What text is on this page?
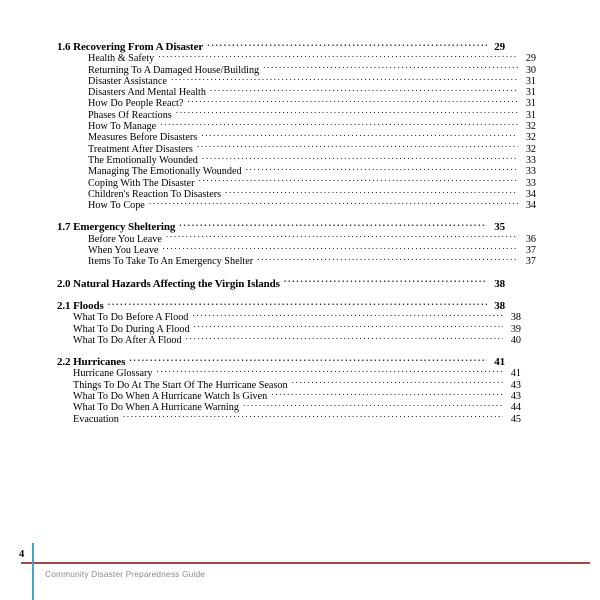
1.6 Recovering From A Disaster . . .	29
Health & Safety . . .	29
Returning To A Damaged House/Building . . .	30
Disaster Assistance . . .	31
Disasters And Mental Health . . .	31
How Do People React? . . .	31
Phases Of Reactions . . .	31
How To Manage . . .	32
Measures Before Disasters . . .	32
Treatment After Disasters . . .	32
The Emotionally Wounded . . .	33
Managing The Emotionally Wounded . . .	33
Coping With The Disaster . . .	33
Children's Reaction To Disasters . . .	34
How To Cope . . .	34
1.7 Emergency Sheltering . . .	35
Before You Leave . . .	36
When You Leave . . .	37
Items To Take To An Emergency Shelter . . .	37
2.0 Natural Hazards Affecting the Virgin Islands . . .	38
2.1 Floods . . .	38
What To Do Before A Flood . . .	38
What To Do During A Flood . . .	39
What To Do After A Flood . . .	40
2.2 Hurricanes . . .	41
Hurricane Glossary . . .	41
Things To Do At The Start Of The Hurricane Season . . .	43
What To Do When A Hurricane Watch Is Given . . .	43
What To Do When A Hurricane Warning . . .	44
Evacuation . . .	45
4
Community Disaster Preparedness Guide
